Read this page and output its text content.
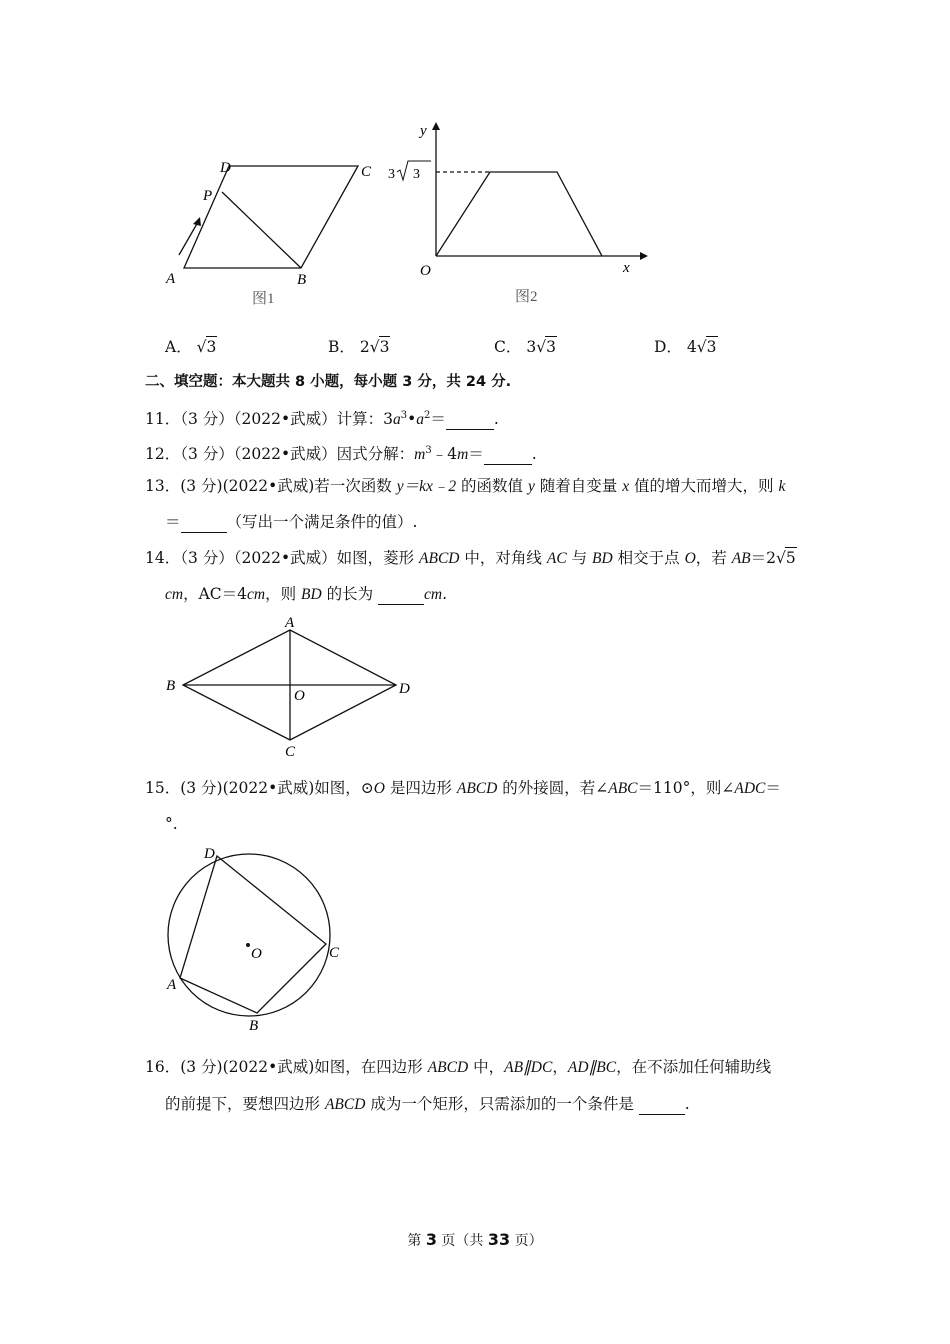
D	C
P
A	B
图1
y
x
O
3 3
图2
A． √3	B． 2√3	C． 3√3	D． 4√3
二、填空题：本大题共 8 小题，每小题 3 分，共 24 分.
11．（3 分）（2022•武威）计算：$3a^3•a^2=$	.
12．（3 分）（2022•武威）因式分解：$m^3﹣4m=$	.
13．(3 分)(2022•武威)若一次函数 y＝kx﹣2 的函数值 y 随着自变量 x 值的增大而增大，则 k
＝	（写出一个满足条件的值）.
14．（3 分）（2022•武威）如图，菱形 ABCD 中，对角线 AC 与 BD 相交于点 O，若 AB＝2√5
cm，AC＝4cm，则 BD 的长为	cm.
A
B	D
O
C
15．(3 分)(2022•武威)如图，⊙O 是四边形 ABCD 的外接圆，若∠ABC＝110°，则∠ADC＝
°.
D
C
A
B
O
16．(3 分)(2022•武威)如图，在四边形 ABCD 中，AB∥DC，AD∥BC，在不添加任何辅助线
的前提下，要想四边形 ABCD 成为一个矩形，只需添加的一个条件是	.
第 3 页（共 33 页）
